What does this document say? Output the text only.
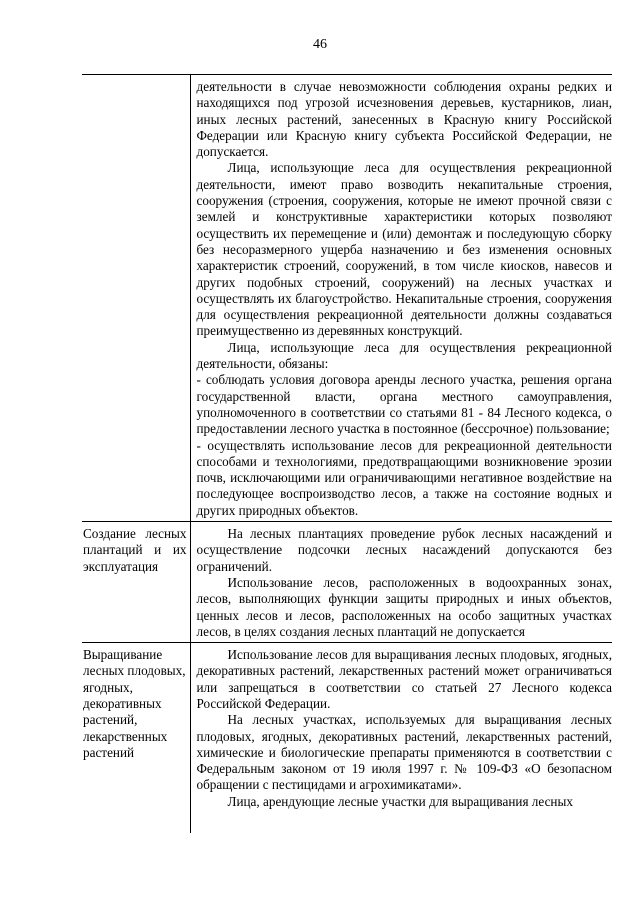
46

	деятельности в случае невозможности соблюдения охраны редких и находящихся под угрозой исчезновения деревьев, кустарников, лиан, иных лесных растений, занесенных в Красную книгу Российской Федерации или Красную книгу субъекта Российской Федерации, не допускается.

Лица, использующие леса для осуществления рекреационной деятельности, имеют право возводить некапитальные строения, сооружения (строения, сооружения, которые не имеют прочной связи с землей и конструктивные характеристики которых позволяют осуществить их перемещение и (или) демонтаж и последующую сборку без несоразмерного ущерба назначению и без изменения основных характеристик строений, сооружений, в том числе киосков, навесов и других подобных строений, сооружений) на лесных участках и осуществлять их благоустройство. Некапитальные строения, сооружения для осуществления рекреационной деятельности должны создаваться преимущественно из деревянных конструкций.

Лица, использующие леса для осуществления рекреационной деятельности, обязаны:

- соблюдать условия договора аренды лесного участка, решения органа государственной власти, органа местного самоуправления, уполномоченного в соответствии со статьями 81 - 84 Лесного кодекса, о предоставлении лесного участка в постоянное (бессрочное) пользование;

- осуществлять использование лесов для рекреационной деятельности способами и технологиями, предотвращающими возникновение эрозии почв, исключающими или ограничивающими негативное воздействие на последующее воспроизводство лесов, а также на состояние водных и других природных объектов.

Создание лесных плантаций и их эксплуатация	На лесных плантациях проведение рубок лесных насаждений и осуществление подсочки лесных насаждений допускаются без ограничений.

Использование лесов, расположенных в водоохранных зонах, лесов, выполняющих функции защиты природных и иных объектов, ценных лесов и лесов, расположенных на особо защитных участках лесов, в целях создания лесных плантаций не допускается

Выращивание лесных плодовых, ягодных, декоративных растений, лекарственных растений	Использование лесов для выращивания лесных плодовых, ягодных, декоративных растений, лекарственных растений может ограничиваться или запрещаться в соответствии со статьей 27 Лесного кодекса Российской Федерации.

На лесных участках, используемых для выращивания лесных плодовых, ягодных, декоративных растений, лекарственных растений, химические и биологические препараты применяются в соответствии с Федеральным законом от 19 июля 1997 г. № 109-ФЗ «О безопасном обращении с пестицидами и агрохимикатами».

Лица, арендующие лесные участки для выращивания лесных
